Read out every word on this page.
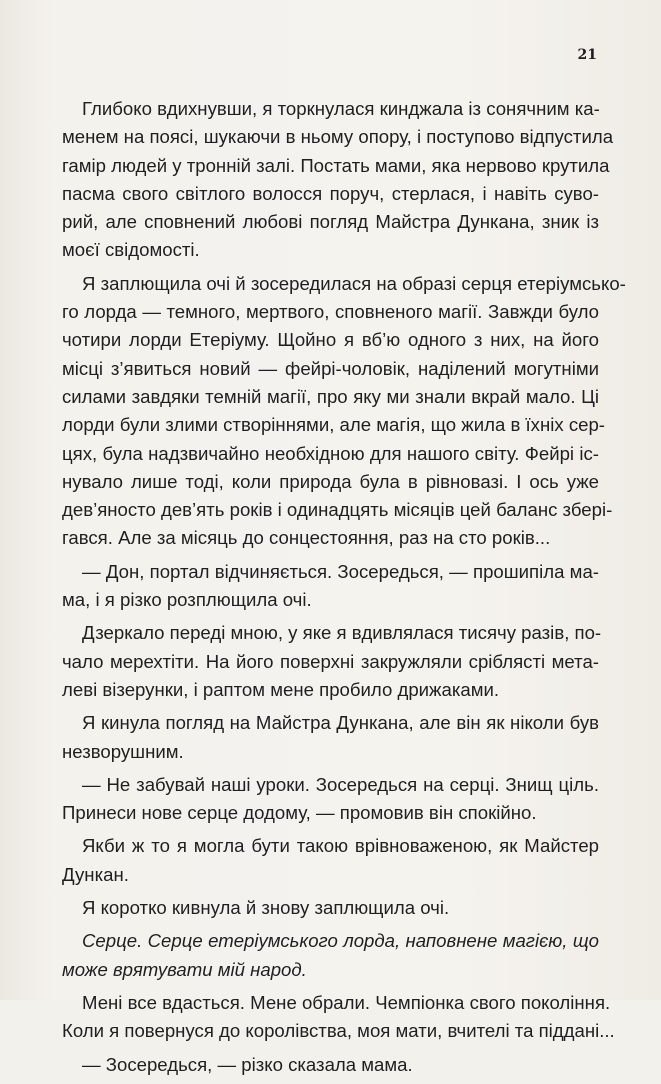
21
Глибоко вдихнувши, я торкнулася кинджала із сонячним ка-
менем на поясі, шукаючи в ньому опору, і поступово відпустила
гамір людей у тронній залі. Постать мами, яка нервово крутила
пасма свого світлого волосся поруч, стерлася, і навіть суво-
рий, але сповнений любові погляд Майстра Дункана, зник із
моєї свідомості.
Я заплющила очі й зосередилася на образі серця етеріумсько-
го лорда — темного, мертвого, сповненого магії. Завжди було
чотири лорди Етеріуму. Щойно я вб’ю одного з них, на його
місці з’явиться новий — фейрі-чоловік, наділений могутніми
силами завдяки темній магії, про яку ми знали вкрай мало. Ці
лорди були злими створіннями, але магія, що жила в їхніх сер-
цях, була надзвичайно необхідною для нашого світу. Фейрі іс-
нувало лише тоді, коли природа була в рівновазі. І ось уже
дев’яносто дев’ять років і одинадцять місяців цей баланс зберi-
гався. Але за місяць до сонцестояння, раз на сто років...
— Дон, портал відчиняється. Зосередься, — прошипіла ма-
ма, і я різко розплющила очі.
Дзеркало переді мною, у яке я вдивлялася тисячу разів, по-
чало мерехтіти. На його поверхні закружляли сріблясті мета-
леві візерунки, і раптом мене пробило дрижаками.
Я кинула погляд на Майстра Дункана, але він як ніколи був
незворушним.
— Не забувай наші уроки. Зосередься на серці. Знищ ціль.
Принеси нове серце додому, — промовив він спокійно.
Якби ж то я могла бути такою врівноваженою, як Майстер
Дункан.
Я коротко кивнула й знову заплющила очі.
Серце. Серце етеріумського лорда, наповнене магією, що
може врятувати мій народ.
Мені все вдасться. Мене обрали. Чемпіонка свого покоління.
Коли я повернуся до королівства, моя мати, вчителі та піддані...
— Зосередься, — різко сказала мама.
